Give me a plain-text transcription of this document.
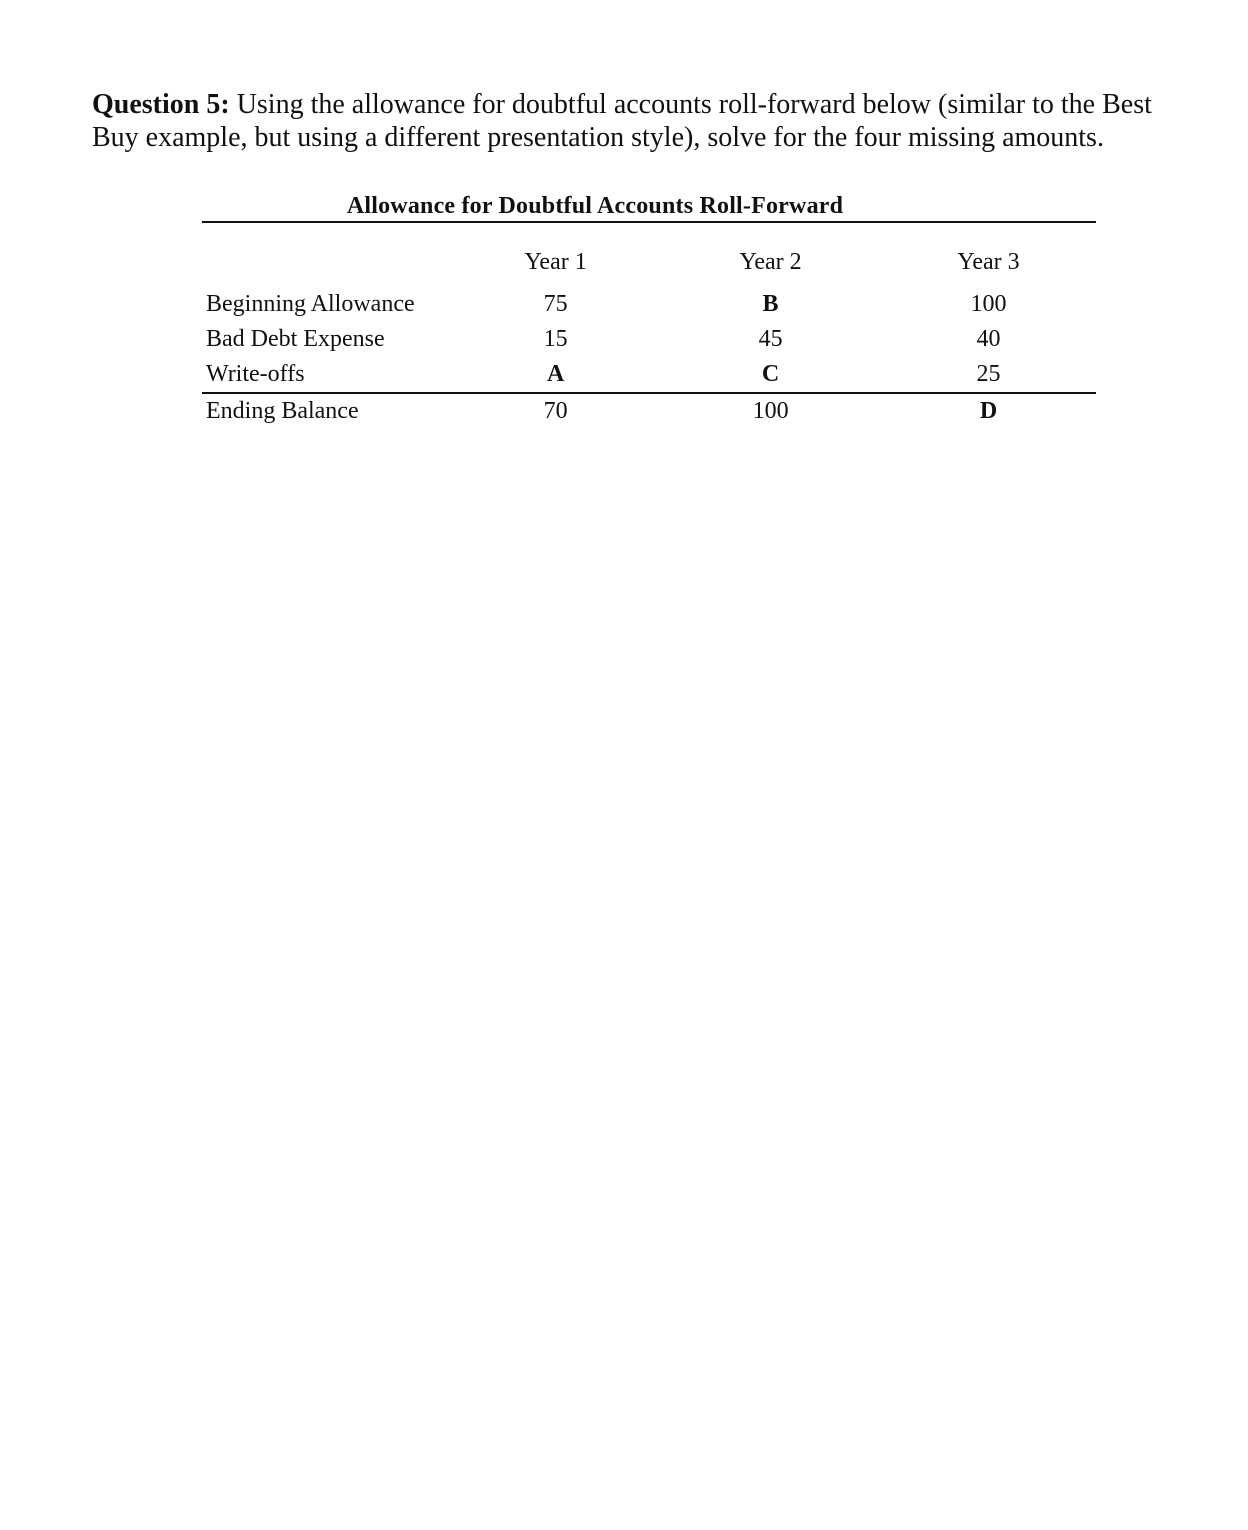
Question 5: Using the allowance for doubtful accounts roll-forward below (similar to the Best Buy example, but using a different presentation style), solve for the four missing amounts.

Allowance for Doubtful Accounts Roll-Forward
	Year 1	Year 2	Year 3
Beginning Allowance	75	B	100
Bad Debt Expense	15	45	40
Write-offs	A	C	25
Ending Balance	70	100	D
